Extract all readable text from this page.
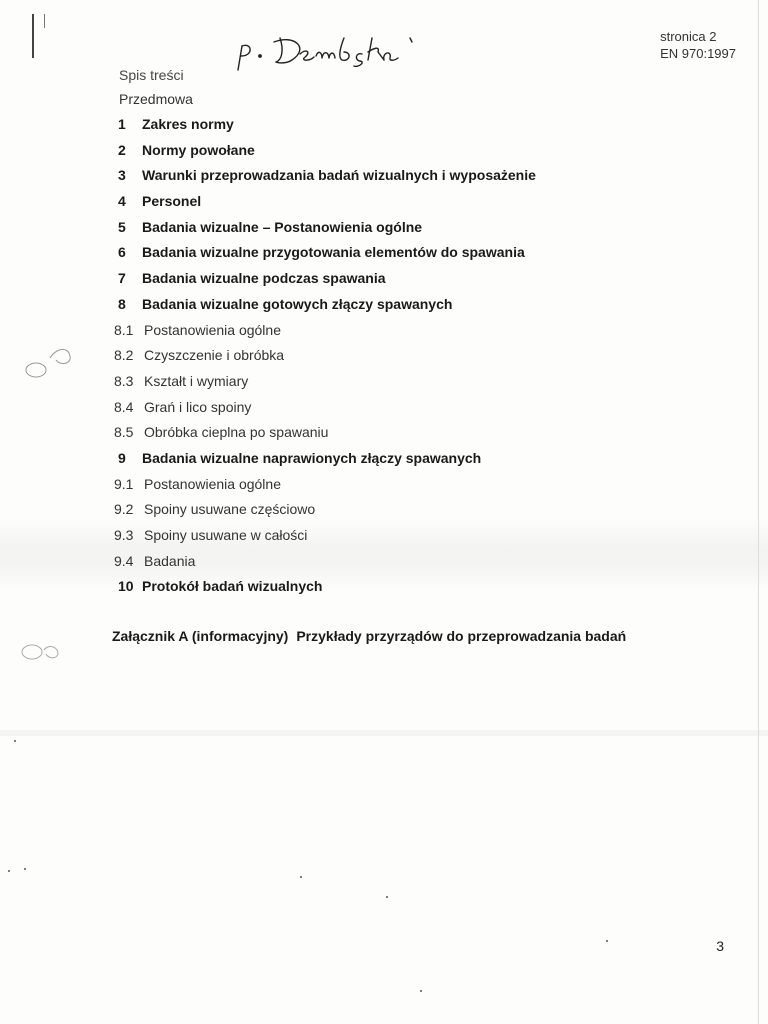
stronica 2
EN 970:1997
Spis treści
Przedmowa
1	Zakres normy
2	Normy powołane
3	Warunki przeprowadzania badań wizualnych i wyposażenie
4	Personel
5	Badania wizualne – Postanowienia ogólne
6	Badania wizualne przygotowania elementów do spawania
7	Badania wizualne podczas spawania
8	Badania wizualne gotowych złączy spawanych
8.1 Postanowienia ogólne
8.2 Czyszczenie i obróbka
8.3 Kształt i wymiary
8.4 Grań i lico spoiny
8.5 Obróbka cieplna po spawaniu
9	Badania wizualne naprawionych złączy spawanych
9.1 Postanowienia ogólne
9.2 Spoiny usuwane częściowo
9.3 Spoiny usuwane w całości
9.4 Badania
10 Protokół badań wizualnych
Załącznik A (informacyjny) Przykłady przyrządów do przeprowadzania badań
3
